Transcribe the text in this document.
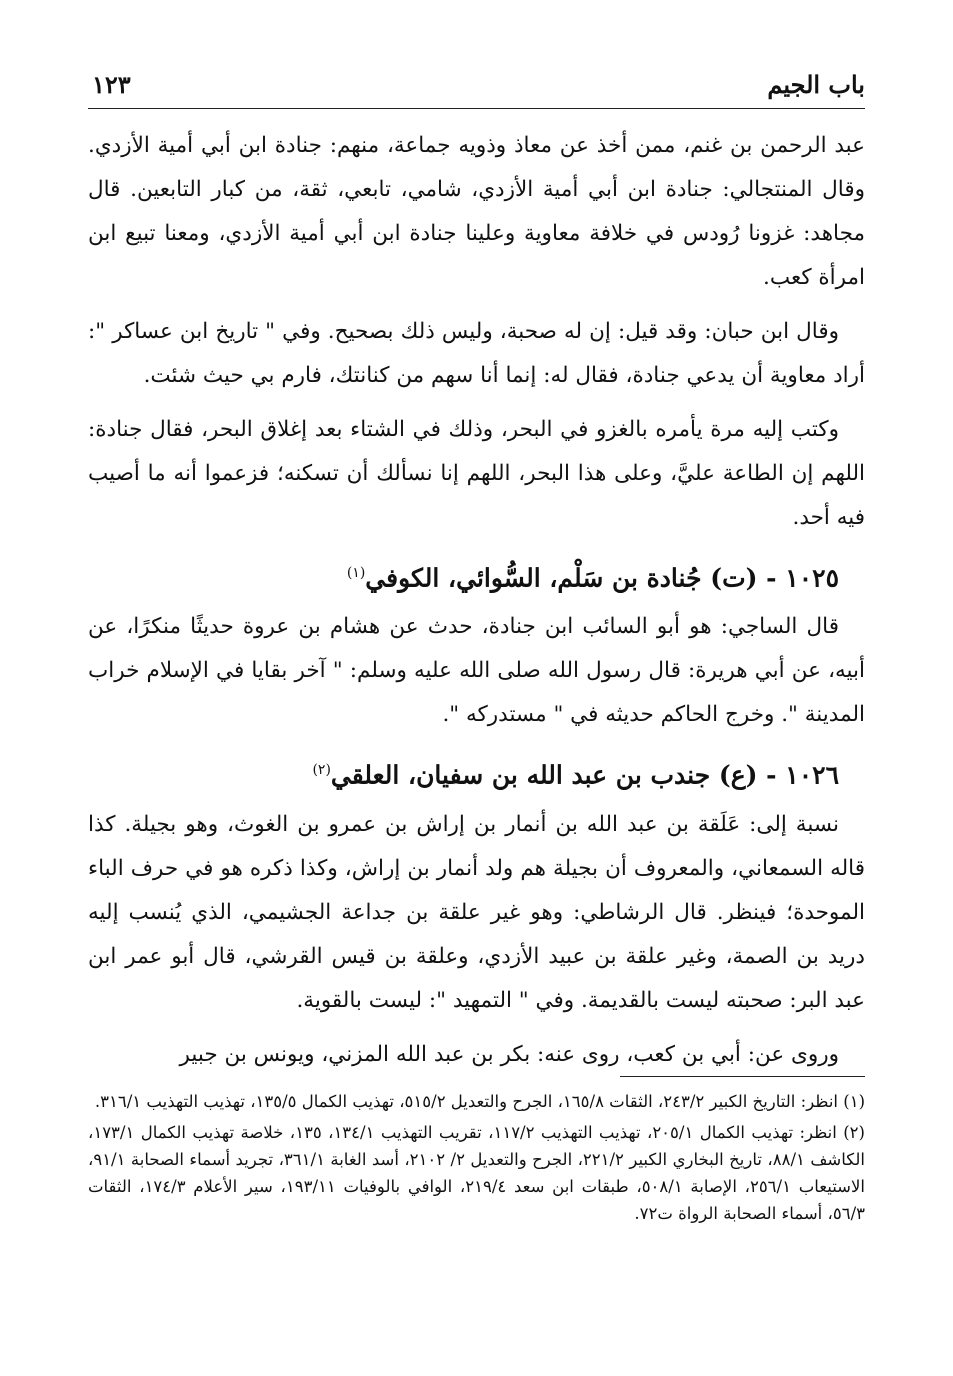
باب الجيم
١٢٣

عبد الرحمن بن غنم، ممن أخذ عن معاذ وذويه جماعة، منهم: جنادة ابن أبي أمية الأزدي. وقال المنتجالي: جنادة ابن أبي أمية الأزدي، شامي، تابعي، ثقة، من كبار التابعين. قال مجاهد: غزونا رُودس في خلافة معاوية وعلينا جنادة ابن أبي أمية الأزدي، ومعنا تبيع ابن امرأة كعب.

وقال ابن حبان: وقد قيل: إن له صحبة، وليس ذلك بصحيح. وفي " تاريخ ابن عساكر ": أراد معاوية أن يدعي جنادة، فقال له: إنما أنا سهم من كنانتك، فارم بي حيث شئت.

وكتب إليه مرة يأمره بالغزو في البحر، وذلك في الشتاء بعد إغلاق البحر، فقال جنادة: اللهم إن الطاعة عليَّ، وعلى هذا البحر، اللهم إنا نسألك أن تسكنه؛ فزعموا أنه ما أصيب فيه أحد.

١٠٢٥ - (ت) جُنادة بن سَلْم، السُّوائي، الكوفي$^{(١)}$

قال الساجي: هو أبو السائب ابن جنادة، حدث عن هشام بن عروة حديثًا منكرًا، عن أبيه، عن أبي هريرة: قال رسول الله صلى الله عليه وسلم: " آخر بقايا في الإسلام خراب المدينة ". وخرج الحاكم حديثه في " مستدركه ".

١٠٢٦ - (ع) جندب بن عبد الله بن سفيان، العلقي$^{(٢)}$

نسبة إلى: عَلَقة بن عبد الله بن أنمار بن إراش بن عمرو بن الغوث، وهو بجيلة. كذا قاله السمعاني، والمعروف أن بجيلة هم ولد أنمار بن إراش، وكذا ذكره هو في حرف الباء الموحدة؛ فينظر. قال الرشاطي: وهو غير علقة بن جداعة الجشيمي، الذي يُنسب إليه دريد بن الصمة، وغير علقة بن عبيد الأزدي، وعلقة بن قيس القرشي، قال أبو عمر ابن عبد البر: صحبته ليست بالقديمة. وفي " التمهيد ": ليست بالقوية.

وروى عن: أبي بن كعب، روى عنه: بكر بن عبد الله المزني، ويونس بن جبير

(١) انظر: التاريخ الكبير ٢٤٣/٢، الثقات ١٦٥/٨، الجرح والتعديل ٥١٥/٢، تهذيب الكمال ١٣٥/٥، تهذيب التهذيب ٣١٦/١.

(٢) انظر: تهذيب الكمال ٢٠٥/١، تهذيب التهذيب ١١٧/٢، تقريب التهذيب ١٣٤/١، ١٣٥، خلاصة تهذيب الكمال ١٧٣/١، الكاشف ٨٨/١، تاريخ البخاري الكبير ٢٢١/٢، الجرح والتعديل ٢/ ٢١٠٢، أسد الغابة ٣٦١/١، تجريد أسماء الصحابة ٩١/١، الاستيعاب ٢٥٦/١، الإصابة ٥٠٨/١، طبقات ابن سعد ٢١٩/٤، الوافي بالوفيات ١٩٣/١١، سير الأعلام ١٧٤/٣، الثقات ٥٦/٣، أسماء الصحابة الرواة ت٧٢.
